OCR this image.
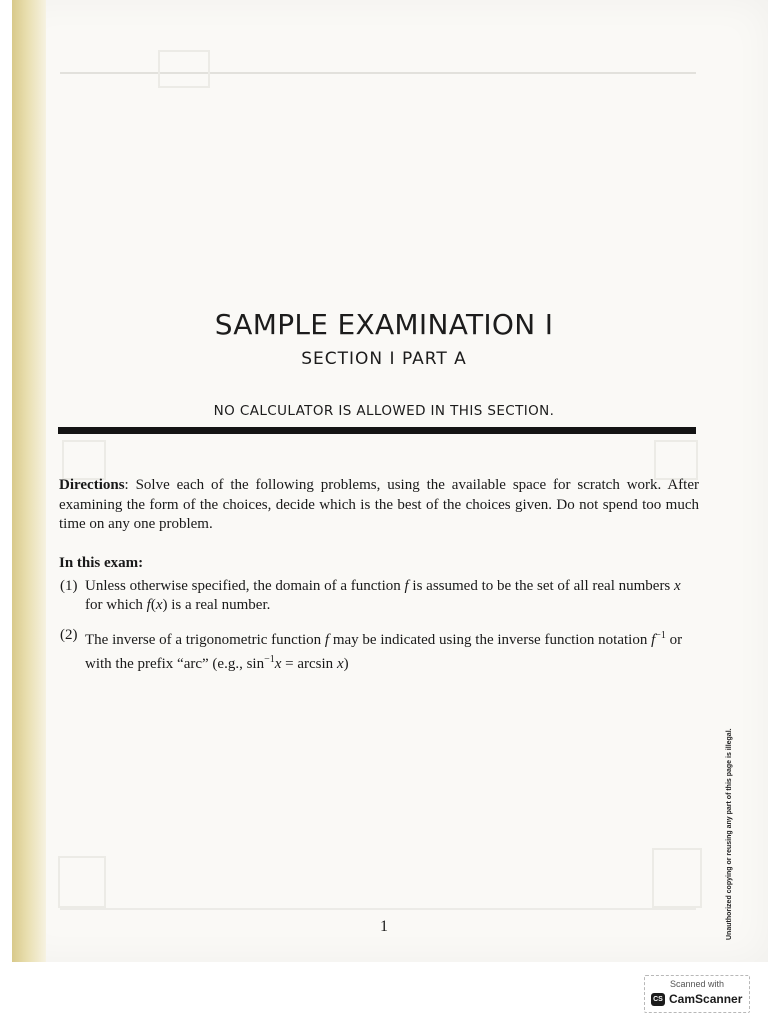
SAMPLE EXAMINATION I
SECTION I PART A
NO CALCULATOR IS ALLOWED IN THIS SECTION.
Directions: Solve each of the following problems, using the available space for scratch work. After examining the form of the choices, decide which is the best of the choices given. Do not spend too much time on any one problem.
In this exam:
(1) Unless otherwise specified, the domain of a function f is assumed to be the set of all real numbers x for which f(x) is a real number.
(2) The inverse of a trigonometric function f may be indicated using the inverse function notation $f^{-1}$ or with the prefix “arc” (e.g., $\sin^{-1}x = \arcsin x$)
1	Unauthorized copying or reusing any part of this page is illegal.
Scanned with
CS CamScanner
